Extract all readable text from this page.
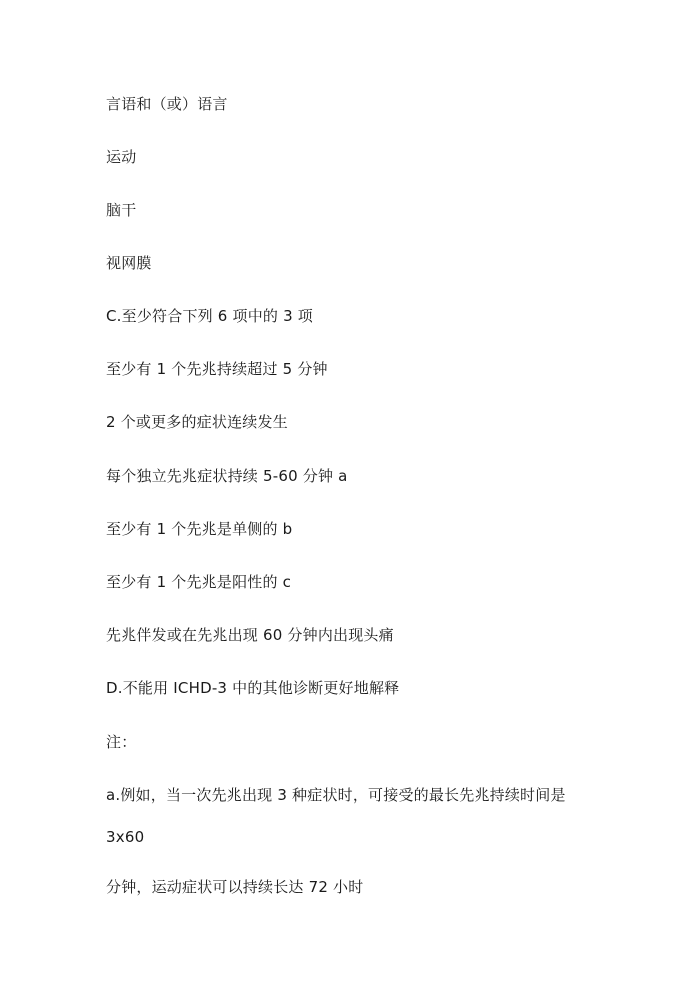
言语和（或）语言
运动
脑干
视网膜
C.至少符合下列 6 项中的 3 项
至少有 1 个先兆持续超过 5 分钟
2 个或更多的症状连续发生
每个独立先兆症状持续 5-60 分钟 a
至少有 1 个先兆是单侧的 b
至少有 1 个先兆是阳性的 c
先兆伴发或在先兆出现 60 分钟内出现头痛
D.不能用 ICHD-3 中的其他诊断更好地解释
注：
a.例如，当一次先兆出现 3 种症状时，可接受的最长先兆持续时间是
3x60
分钟，运动症状可以持续长达 72 小时
